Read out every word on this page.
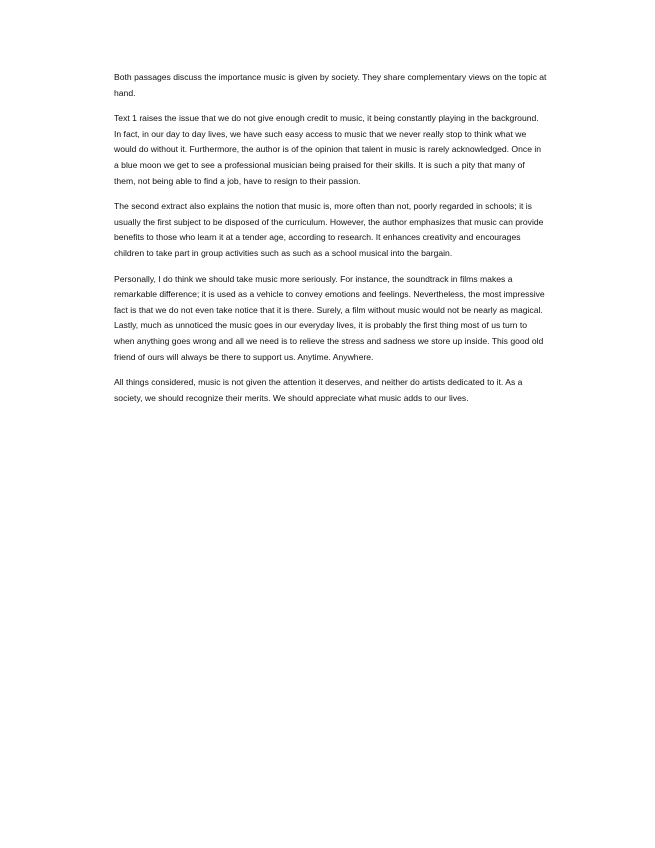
Both passages discuss the importance music is given by society. They share complementary views on the topic at hand.

Text 1 raises the issue that we do not give enough credit to music, it being constantly playing in the background. In fact, in our day to day lives, we have such easy access to music that we never really stop to think what we would do without it. Furthermore, the author is of the opinion that talent in music is rarely acknowledged. Once in a blue moon we get to see a professional musician being praised for their skills. It is such a pity that many of them, not being able to find a job, have to resign to their passion.

The second extract also explains the notion that music is, more often than not, poorly regarded in schools; it is usually the first subject to be disposed of the curriculum. However, the author emphasizes that music can provide benefits to those who learn it at a tender age, according to research. It enhances creativity and encourages children to take part in group activities such as such as a school musical into the bargain.

Personally, I do think we should take music more seriously. For instance, the soundtrack in films makes a remarkable difference; it is used as a vehicle to convey emotions and feelings. Nevertheless, the most impressive fact is that we do not even take notice that it is there. Surely, a film without music would not be nearly as magical. Lastly, much as unnoticed the music goes in our everyday lives, it is probably the first thing most of us turn to when anything goes wrong and all we need is to relieve the stress and sadness we store up inside. This good old friend of ours will always be there to support us. Anytime. Anywhere.

All things considered, music is not given the attention it deserves, and neither do artists dedicated to it. As a society, we should recognize their merits. We should appreciate what music adds to our lives.
